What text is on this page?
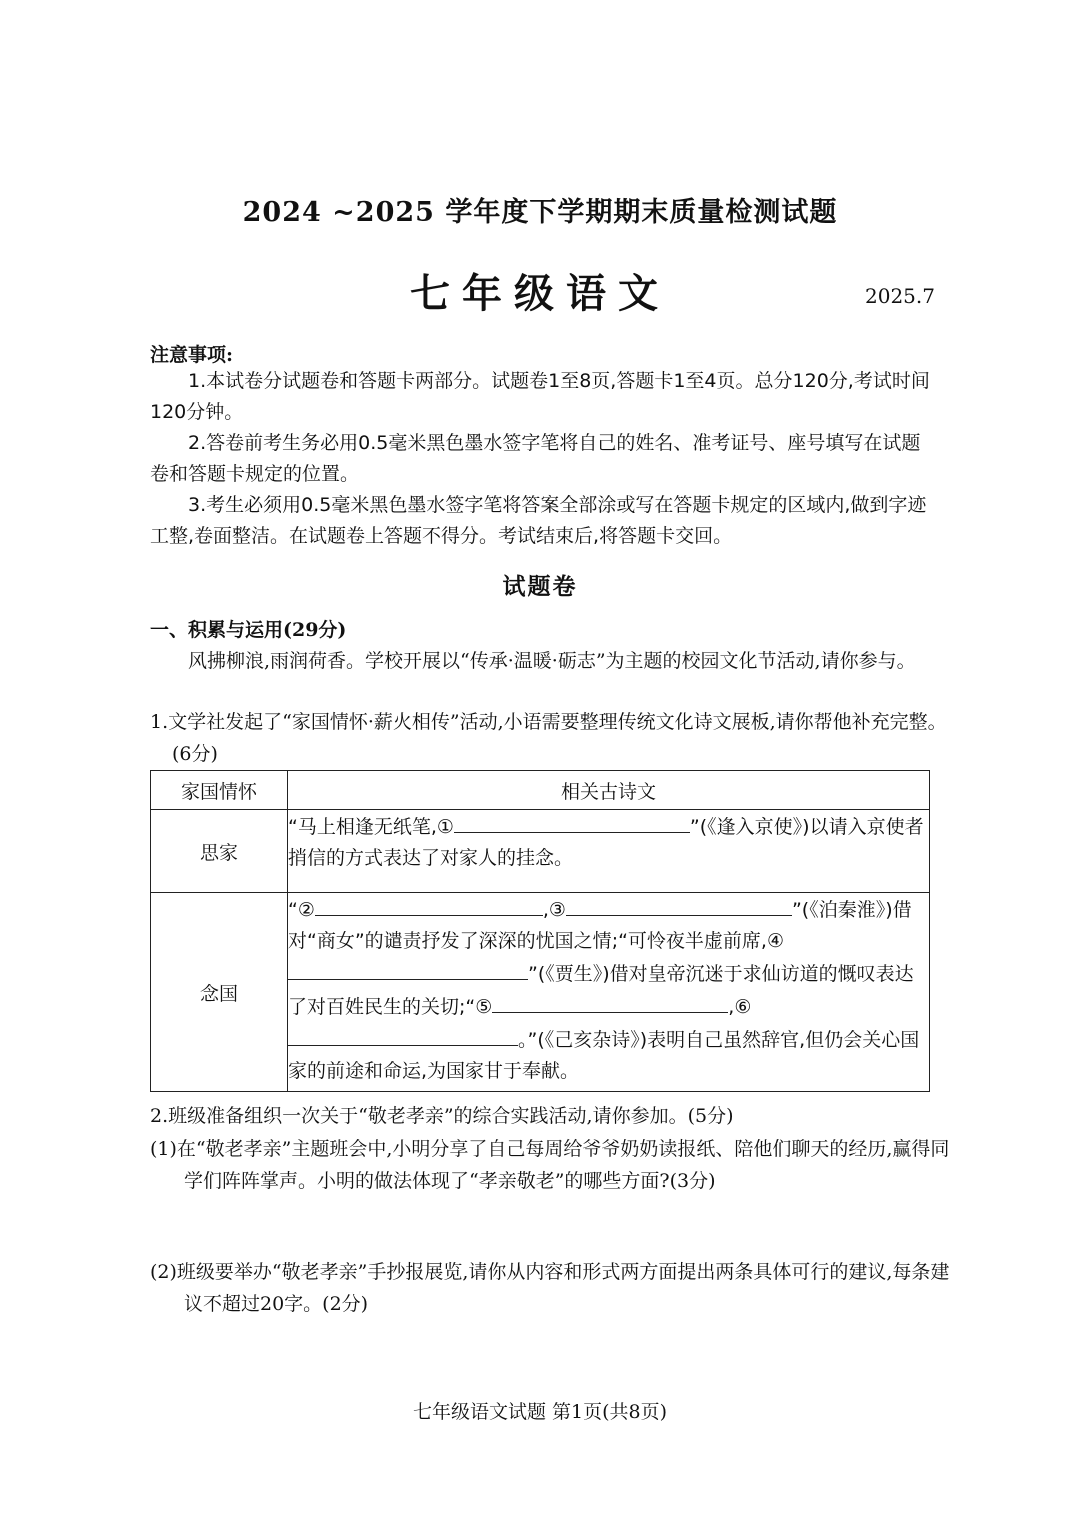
2024 ~2025 学年度下学期期末质量检测试题
七年级语文	2025.7
注意事项:
1.本试卷分试题卷和答题卡两部分。试题卷1至8页,答题卡1至4页。总分120分,考试时间120分钟。
2.答卷前考生务必用0.5毫米黑色墨水签字笔将自己的姓名、准考证号、座号填写在试题卷和答题卡规定的位置。
3.考生必须用0.5毫米黑色墨水签字笔将答案全部涂或写在答题卡规定的区域内,做到字迹工整,卷面整洁。在试题卷上答题不得分。考试结束后,将答题卡交回。
试题卷
一、积累与运用(29分)
风拂柳浪,雨润荷香。学校开展以“传承·温暖·砺志”为主题的校园文化节活动,请你参与。
1.文学社发起了“家国情怀·薪火相传”活动,小语需要整理传统文化诗文展板,请你帮他补充完整。(6分)
家国情怀	相关古诗文
思家	“马上相逢无纸笔,① ”(《逢入京使》)以请入京使者捎信的方式表达了对家人的挂念。
念国	“② ,③ ”(《泊秦淮》)借对“商女”的谴责抒发了深深的忧国之情;“可怜夜半虚前席,④”(《贾生》)借对皇帝沉迷于求仙访道的慨叹表达了对百姓民生的关切;“⑤ ,⑥。”(《己亥杂诗》)表明自己虽然辞官,但仍会关心国家的前途和命运,为国家甘于奉献。
2.班级准备组织一次关于“敬老孝亲”的综合实践活动,请你参加。(5分)
(1)在“敬老孝亲”主题班会中,小明分享了自己每周给爷爷奶奶读报纸、陪他们聊天的经历,赢得同学们阵阵掌声。小明的做法体现了“孝亲敬老”的哪些方面?(3分)
(2)班级要举办“敬老孝亲”手抄报展览,请你从内容和形式两方面提出两条具体可行的建议,每条建议不超过20字。(2分)
七年级语文试题 第1页(共8页)
